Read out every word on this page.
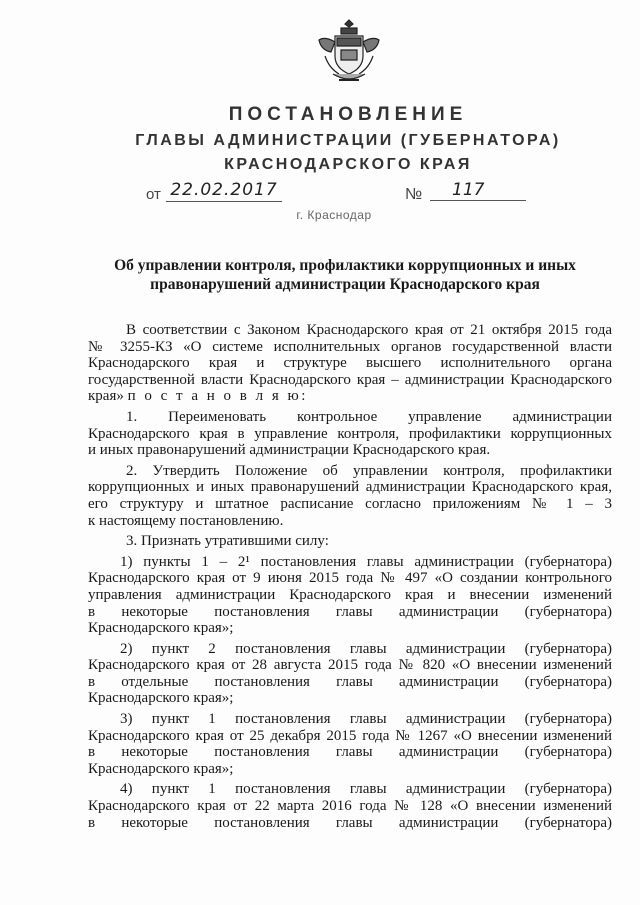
ПОСТАНОВЛЕНИЕ
ГЛАВЫ АДМИНИСТРАЦИИ (ГУБЕРНАТОРА)
КРАСНОДАРСКОГО КРАЯ
от 22.02.2017	№	117
г. Краснодар
Об управлении контроля, профилактики коррупционных и иных
правонарушений администрации Краснодарского края
В соответствии с Законом Краснодарского края от 21 октября 2015 года
№ 3255-КЗ «О системе исполнительных органов государственной власти
Краснодарского края и структуре высшего исполнительного органа
государственной власти Краснодарского края – администрации Краснодарского
края» п о с т а н о в л я ю:
1. Переименовать контрольное управление администрации
Краснодарского края в управление контроля, профилактики коррупционных
и иных правонарушений администрации Краснодарского края.
2. Утвердить Положение об управлении контроля, профилактики
коррупционных и иных правонарушений администрации Краснодарского края,
его структуру и штатное расписание согласно приложениям № 1 – 3
к настоящему постановлению.
3. Признать утратившими силу:
1) пункты 1 – 2¹ постановления главы администрации (губернатора)
Краснодарского края от 9 июня 2015 года № 497 «О создании контрольного
управления администрации Краснодарского края и внесении изменений
в некоторые постановления главы администрации (губернатора)
Краснодарского края»;
2) пункт 2 постановления главы администрации (губернатора)
Краснодарского края от 28 августа 2015 года № 820 «О внесении изменений
в отдельные постановления главы администрации (губернатора)
Краснодарского края»;
3) пункт 1 постановления главы администрации (губернатора)
Краснодарского края от 25 декабря 2015 года № 1267 «О внесении изменений
в некоторые постановления главы администрации (губернатора)
Краснодарского края»;
4) пункт 1 постановления главы администрации (губернатора)
Краснодарского края от 22 марта 2016 года № 128 «О внесении изменений
в некоторые постановления главы администрации (губернатора)
